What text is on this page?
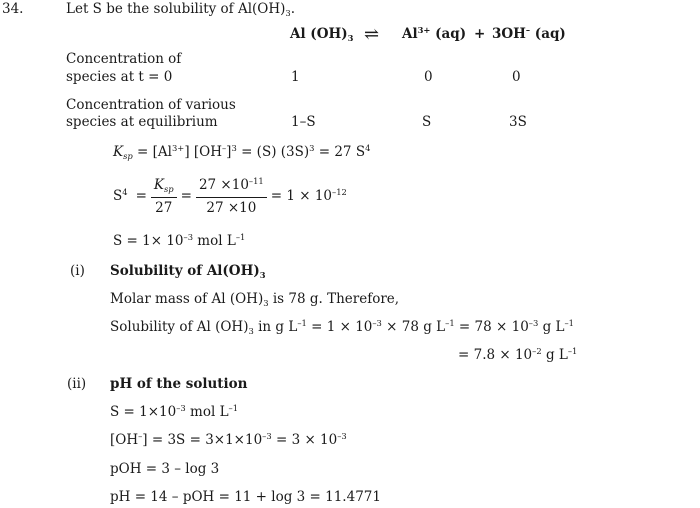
34.	Let S be the solubility of $Al(OH)_3$.
Al $(OH)_3$ ⇌ $Al^{3+}$ (aq) + 3OH– (aq)
Concentration of
species at t = 0	1	0	0
Concentration of various
species at equilibrium	1–S	S	3S
$K_{sp} = [Al^{3+}] [OH^-]^3 = (S) (3S)^3 = 27$ $S^4$
$S^4 = \frac{K_{sp}}{27} = \frac{27 \times 10^{-11}}{27 \times 10} = 1 \times 10^{-12}$
$S = 1\times 10^{-3}$ mol $L^{-1}$
(i) Solubility of $Al(OH)_3$
Molar mass of Al $(OH)_3$ is 78 g. Therefore,
Solubility of Al $(OH)_3$ in g $L^{-1} = 1 \times 10^{-3} \times 78$ g $L^{-1} = 78 \times 10^{-3}$ g $L^{-1}$
= $7.8 \times 10^{-2}$ g $L^{-1}$
(ii) pH of the solution
$S = 1\times 10^{-3}$ mol $L^{-1}$
$[OH^-] = 3S = 3\times 1\times 10^{-3} = 3 \times 10^{-3}$
pOH = 3 – log 3
pH = 14 – pOH = 11 + log 3 = 11.4771
